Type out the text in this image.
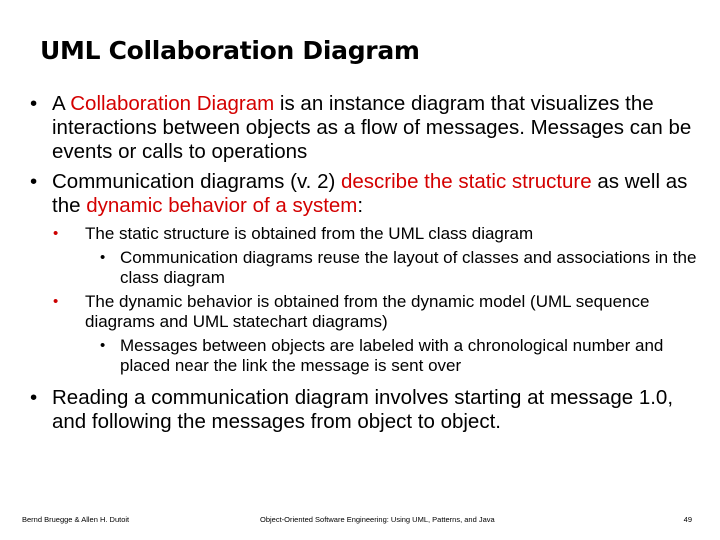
UML Collaboration Diagram
• A Collaboration Diagram is an instance diagram that visualizes the interactions between objects as a flow of messages. Messages can be events or calls to operations
• Communication diagrams (v. 2) describe the static structure as well as the dynamic behavior of a system:
• The static structure is obtained from the UML class diagram
• Communication diagrams reuse the layout of classes and associations in the class diagram
• The dynamic behavior is obtained from the dynamic model (UML sequence diagrams and UML statechart diagrams)
• Messages between objects are labeled with a chronological number and placed near the link the message is sent over
• Reading a communication diagram involves starting at message 1.0, and following the messages from object to object.
Bernd Bruegge & Allen H. Dutoit	Object-Oriented Software Engineering: Using UML, Patterns, and Java	49
